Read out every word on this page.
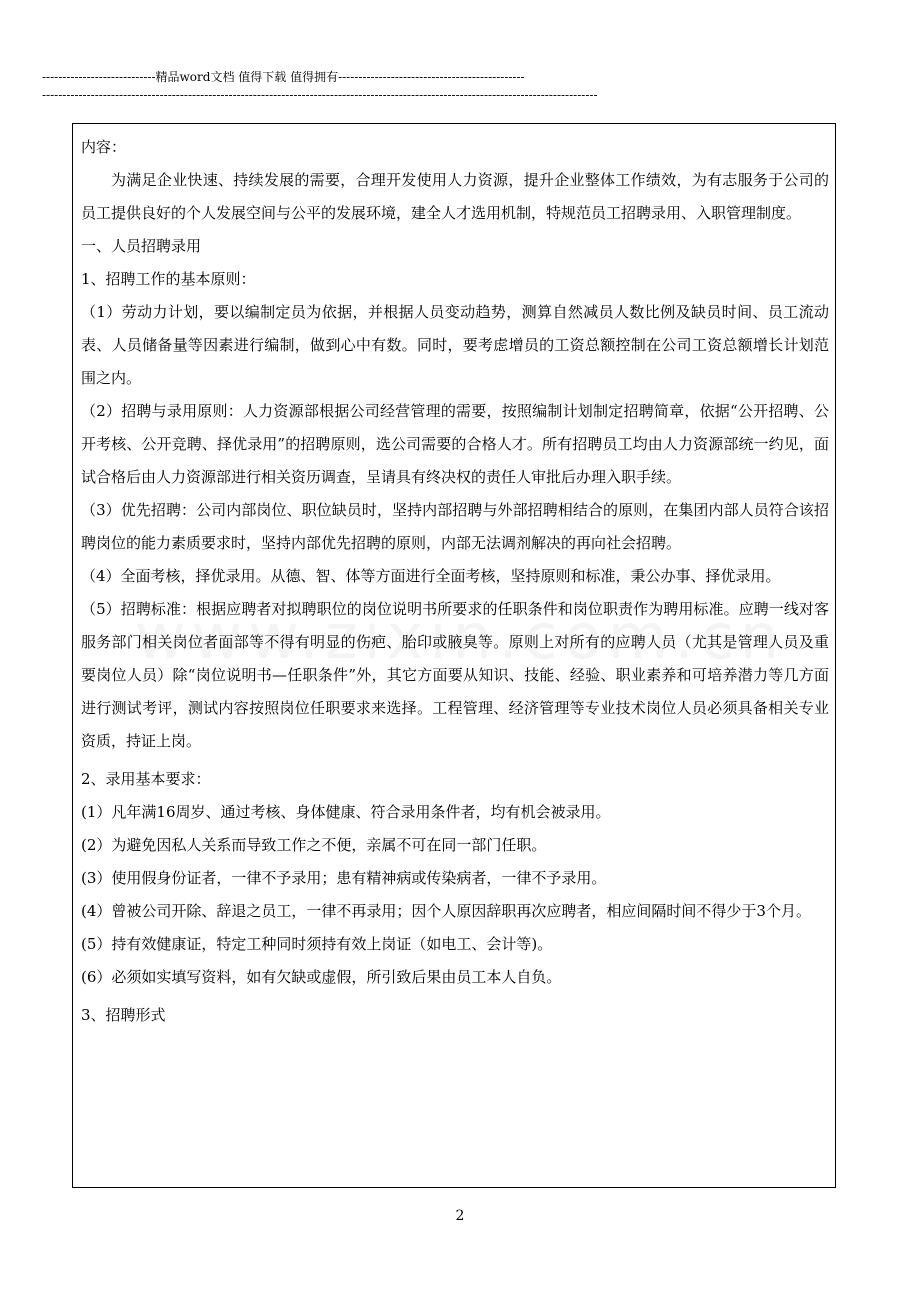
----------------------------精品word文档 值得下载 值得拥有----------------------------------------------
-----------------------------------------------------------------------------------------------------------------------------------------

内容：

为满足企业快速、持续发展的需要，合理开发使用人力资源，提升企业整体工作绩效，为有志服务于公司的员工提供良好的个人发展空间与公平的发展环境，建全人才选用机制，特规范员工招聘录用、入职管理制度。

一、人员招聘录用

1、招聘工作的基本原则：

（1）劳动力计划，要以编制定员为依据，并根据人员变动趋势，测算自然减员人数比例及缺员时间、员工流动表、人员储备量等因素进行编制，做到心中有数。同时，要考虑增员的工资总额控制在公司工资总额增长计划范围之内。

（2）招聘与录用原则：人力资源部根据公司经营管理的需要，按照编制计划制定招聘简章，依据“公开招聘、公开考核、公开竞聘、择优录用”的招聘原则，选公司需要的合格人才。所有招聘员工均由人力资源部统一约见，面试合格后由人力资源部进行相关资历调查，呈请具有终决权的责任人审批后办理入职手续。

（3）优先招聘：公司内部岗位、职位缺员时，坚持内部招聘与外部招聘相结合的原则，在集团内部人员符合该招聘岗位的能力素质要求时，坚持内部优先招聘的原则，内部无法调剂解决的再向社会招聘。

（4）全面考核，择优录用。从德、智、体等方面进行全面考核，坚持原则和标准，秉公办事、择优录用。

（5）招聘标准：根据应聘者对拟聘职位的岗位说明书所要求的任职条件和岗位职责作为聘用标准。应聘一线对客服务部门相关岗位者面部等不得有明显的伤疤、胎印或腋臭等。原则上对所有的应聘人员（尤其是管理人员及重要岗位人员）除“岗位说明书—任职条件”外，其它方面要从知识、技能、经验、职业素养和可培养潜力等几方面进行测试考评，测试内容按照岗位任职要求来选择。工程管理、经济管理等专业技术岗位人员必须具备相关专业资质，持证上岗。

2、录用基本要求：

(1）凡年满16周岁、通过考核、身体健康、符合录用条件者，均有机会被录用。

(2）为避免因私人关系而导致工作之不便，亲属不可在同一部门任职。

(3）使用假身份证者，一律不予录用；患有精神病或传染病者，一律不予录用。

(4）曾被公司开除、辞退之员工，一律不再录用；因个人原因辞职再次应聘者，相应间隔时间不得少于3个月。

(5）持有效健康证，特定工种同时须持有效上岗证（如电工、会计等)。

(6）必须如实填写资料，如有欠缺或虚假，所引致后果由员工本人自负。

3、招聘形式

2
